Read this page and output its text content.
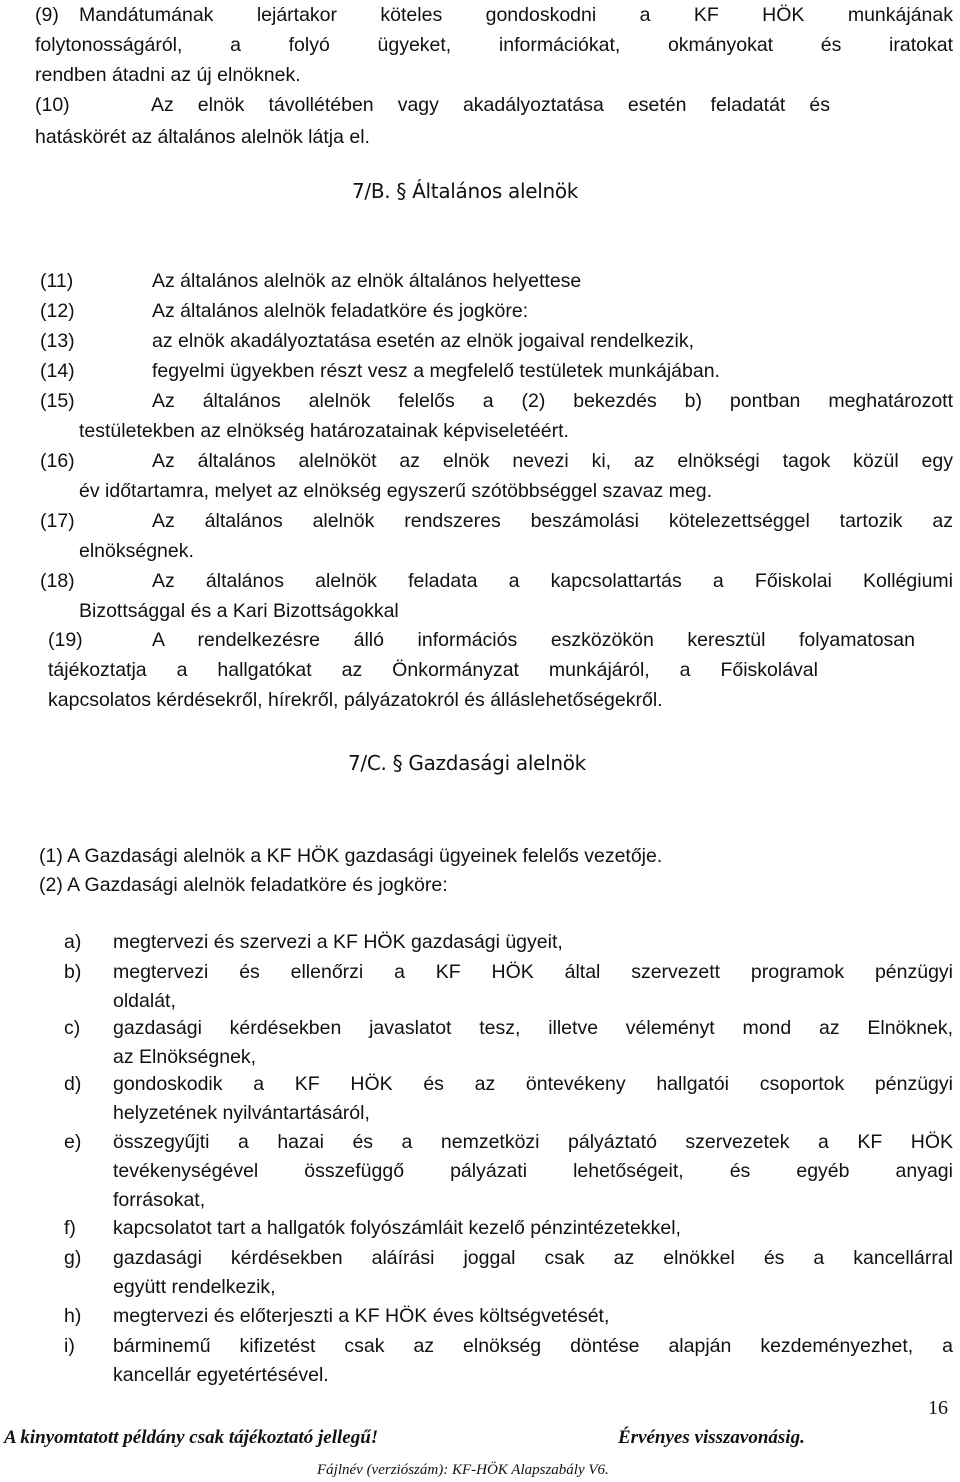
(9) Mandátumának lejártakor köteles gondoskodni a KF HÖK munkájának
folytonosságáról, a folyó ügyeket, információkat, okmányokat és iratokat
rendben átadni az új elnöknek.
(10)	Az elnök távollétében vagy akadályoztatása esetén feladatát és
hatáskörét az általános alelnök látja el.
7/B. § Általános alelnök
(11)	Az általános alelnök az elnök általános helyettese
(12)	Az általános alelnök feladatköre és jogköre:
(13)	az elnök akadályoztatása esetén az elnök jogaival rendelkezik,
(14)	fegyelmi ügyekben részt vesz a megfelelő testületek munkájában.
(15)	Az általános alelnök felelős a (2) bekezdés b) pontban meghatározott
testületekben az elnökség határozatainak képviseletéért.
(16)	Az általános alelnököt az elnök nevezi ki, az elnökségi tagok közül egy
év időtartamra, melyet az elnökség egyszerű szótöbbséggel szavaz meg.
(17)	Az általános alelnök rendszeres beszámolási kötelezettséggel tartozik az
elnökségnek.
(18)	Az általános alelnök feladata a kapcsolattartás a Főiskolai Kollégiumi
Bizottsággal és a Kari Bizottságokkal
(19)	A rendelkezésre álló információs eszközökön keresztül folyamatosan
tájékoztatja a hallgatókat az Önkormányzat munkájáról, a Főiskolával
kapcsolatos kérdésekről, hírekről, pályázatokról és álláslehetőségekről.
7/C. § Gazdasági alelnök
(1) A Gazdasági alelnök a KF HÖK gazdasági ügyeinek felelős vezetője.
(2) A Gazdasági alelnök feladatköre és jogköre:
a) megtervezi és szervezi a KF HÖK gazdasági ügyeit,
b) megtervezi és ellenőrzi a KF HÖK által szervezett programok pénzügyi
oldalát,
c) gazdasági kérdésekben javaslatot tesz, illetve véleményt mond az Elnöknek,
az Elnökségnek,
d) gondoskodik a KF HÖK és az öntevékeny hallgatói csoportok pénzügyi
helyzetének nyilvántartásáról,
e) összegyűjti a hazai és a nemzetközi pályáztató szervezetek a KF HÖK
tevékenységével összefüggő pályázati lehetőségeit, és egyéb anyagi
forrásokat,
f) kapcsolatot tart a hallgatók folyószámláit kezelő pénzintézetekkel,
g) gazdasági kérdésekben aláírási joggal csak az elnökkel és a kancellárral
együtt rendelkezik,
h) megtervezi és előterjeszti a KF HÖK éves költségvetését,
i) bárminemű kifizetést csak az elnökség döntése alapján kezdeményezhet, a
kancellár egyetértésével.
16
A kinyomtatott példány csak tájékoztató jellegű!	Érvényes visszavonásig.
Fájlnév (verziószám): KF-HÖK Alapszabály V6.
